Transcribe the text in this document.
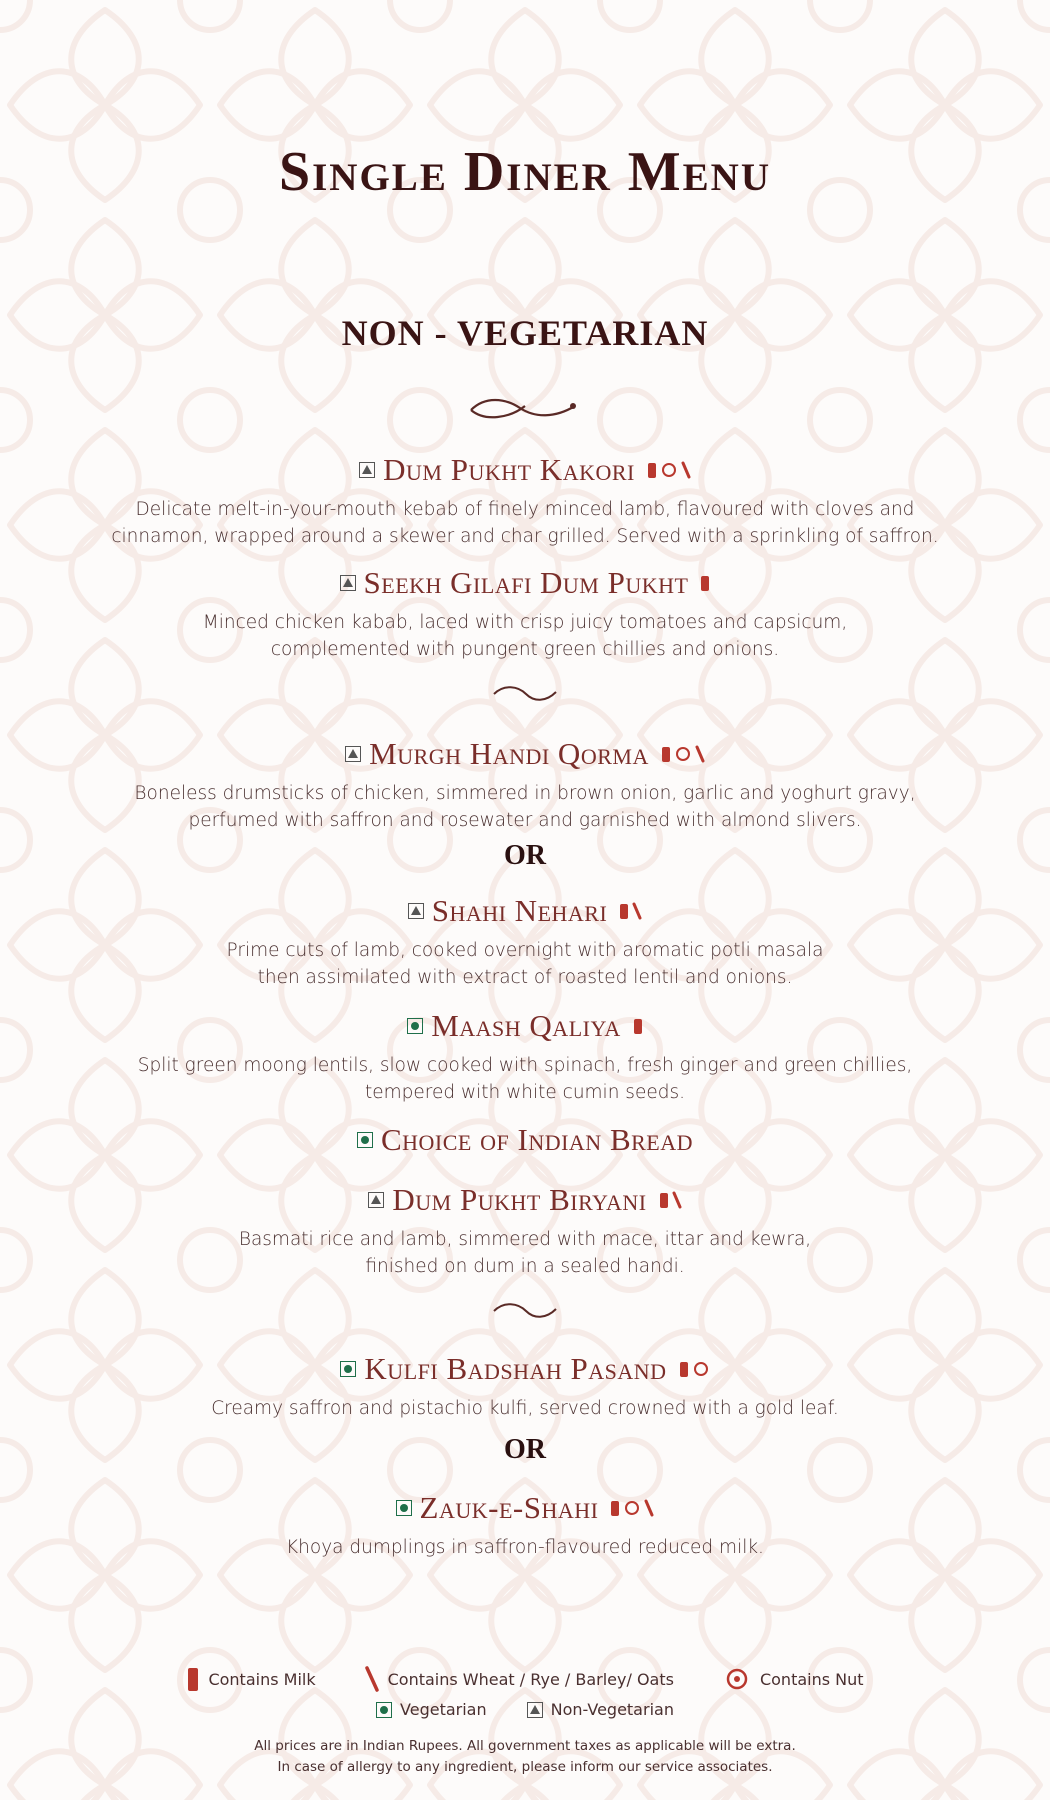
Single Diner Menu
NON - VEGETARIAN
Dum Pukht Kakori
Delicate melt-in-your-mouth kebab of finely minced lamb, flavoured with cloves and
cinnamon, wrapped around a skewer and char grilled. Served with a sprinkling of saffron.
Seekh Gilafi Dum Pukht
Minced chicken kabab, laced with crisp juicy tomatoes and capsicum,
complemented with pungent green chillies and onions.
Murgh Handi Qorma
Boneless drumsticks of chicken, simmered in brown onion, garlic and yoghurt gravy,
perfumed with saffron and rosewater and garnished with almond slivers.
OR
Shahi Nehari
Prime cuts of lamb, cooked overnight with aromatic potli masala
then assimilated with extract of roasted lentil and onions.
Maash Qaliya
Split green moong lentils, slow cooked with spinach, fresh ginger and green chillies,
tempered with white cumin seeds.
Choice of Indian Bread
Dum Pukht Biryani
Basmati rice and lamb, simmered with mace, ittar and kewra,
finished on dum in a sealed handi.
Kulfi Badshah Pasand
Creamy saffron and pistachio kulfi, served crowned with a gold leaf.
OR
Zauk-e-Shahi
Khoya dumplings in saffron-flavoured reduced milk.
Contains Milk	Contains Wheat / Rye / Barley/ Oats	Contains Nut
Vegetarian	Non-Vegetarian
All prices are in Indian Rupees. All government taxes as applicable will be extra.
In case of allergy to any ingredient, please inform our service associates.
